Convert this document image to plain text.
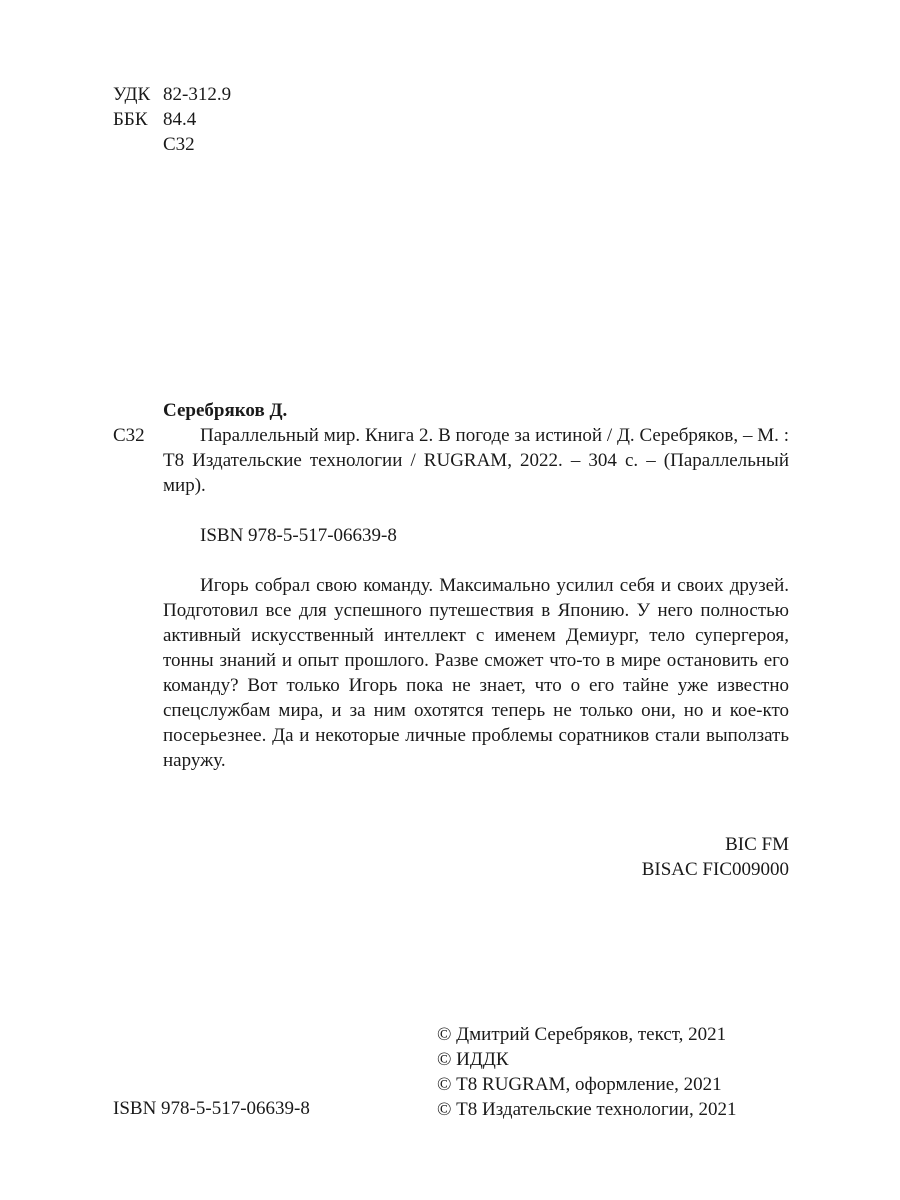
УДК 82-312.9
ББК 84.4
С32
Серебряков Д.
С32	Параллельный мир. Книга 2. В погоде за истиной / Д. Серебряков, – М. : Т8 Издательские технологии / RUGRAM, 2022. – 304 с. – (Параллельный мир).
ISBN 978-5-517-06639-8
Игорь собрал свою команду. Максимально усилил себя и своих друзей. Подготовил все для успешного путешествия в Японию. У него полностью активный искусственный интеллект с именем Демиург, тело супергероя, тонны знаний и опыт прошлого. Разве сможет что-то в мире остановить его команду? Вот только Игорь пока не знает, что о его тайне уже известно спецслужбам мира, и за ним охотятся теперь не только они, но и кое-кто посерьезнее. Да и некоторые личные проблемы соратников стали выползать наружу.
BIC FM
BISAC FIC009000
ISBN 978-5-517-06639-8
© Дмитрий Серебряков, текст, 2021
© ИДДК
© Т8 RUGRAM, оформление, 2021
© Т8 Издательские технологии, 2021
